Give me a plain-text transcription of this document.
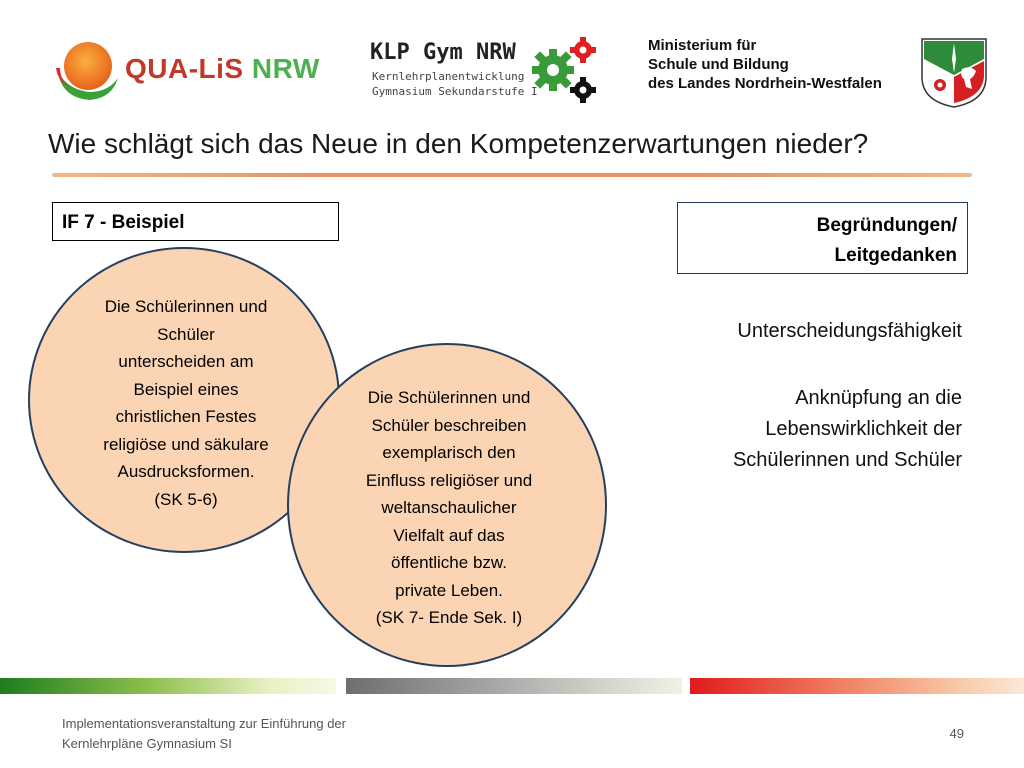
QUA-LiS NRW
KLP Gym NRW
Kernlehrplanentwicklung
Gymnasium Sekundarstufe I
Ministerium für
Schule und Bildung
des Landes Nordrhein-Westfalen
Wie schlägt sich das Neue in den Kompetenzerwartungen nieder?
IF 7 - Beispiel	Begründungen/
Leitgedanken
Die Schülerinnen und
Schüler
unterscheiden am
Beispiel eines
christlichen Festes
religiöse und säkulare
Ausdrucksformen.
(SK 5-6)
Die Schülerinnen und
Schüler beschreiben
exemplarisch den
Einfluss religiöser und
weltanschaulicher
Vielfalt auf das
öffentliche bzw.
private Leben.
(SK 7- Ende Sek. I)
Unterscheidungsfähigkeit
Anknüpfung an die
Lebenswirklichkeit der
Schülerinnen und Schüler
Implementationsveranstaltung zur Einführung der
Kernlehrpläne Gymnasium SI
49
